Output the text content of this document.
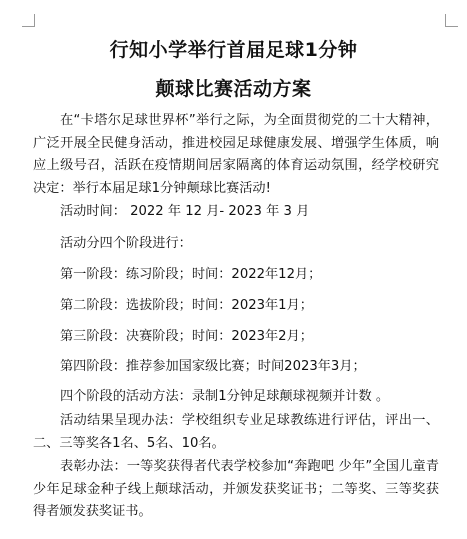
行知小学举行首届足球1分钟
颠球比赛活动方案

在“卡塔尔足球世界杯”举行之际，为全面贯彻党的二十大精神，广泛开展全民健身活动，推进校园足球健康发展、增强学生体质，响应上级号召，活跃在疫情期间居家隔离的体育运动氛围，经学校研究决定：举行本届足球1分钟颠球比赛活动!

活动时间： 2022 年 12 月- 2023 年 3 月

活动分四个阶段进行：

第一阶段：练习阶段；时间：2022年12月；

第二阶段：选拔阶段；时间：2023年1月；

第三阶段：决赛阶段；时间：2023年2月；

第四阶段：推荐参加国家级比赛；时间2023年3月；

四个阶段的活动方法：录制1分钟足球颠球视频并计数 。

活动结果呈现办法：学校组织专业足球教练进行评估，评出一、二、三等奖各1名、5名、10名。

表彰办法：一等奖获得者代表学校参加“奔跑吧 少年”全国儿童青少年足球金种子线上颠球活动，并颁发获奖证书；二等奖、三等奖获得者颁发获奖证书。
